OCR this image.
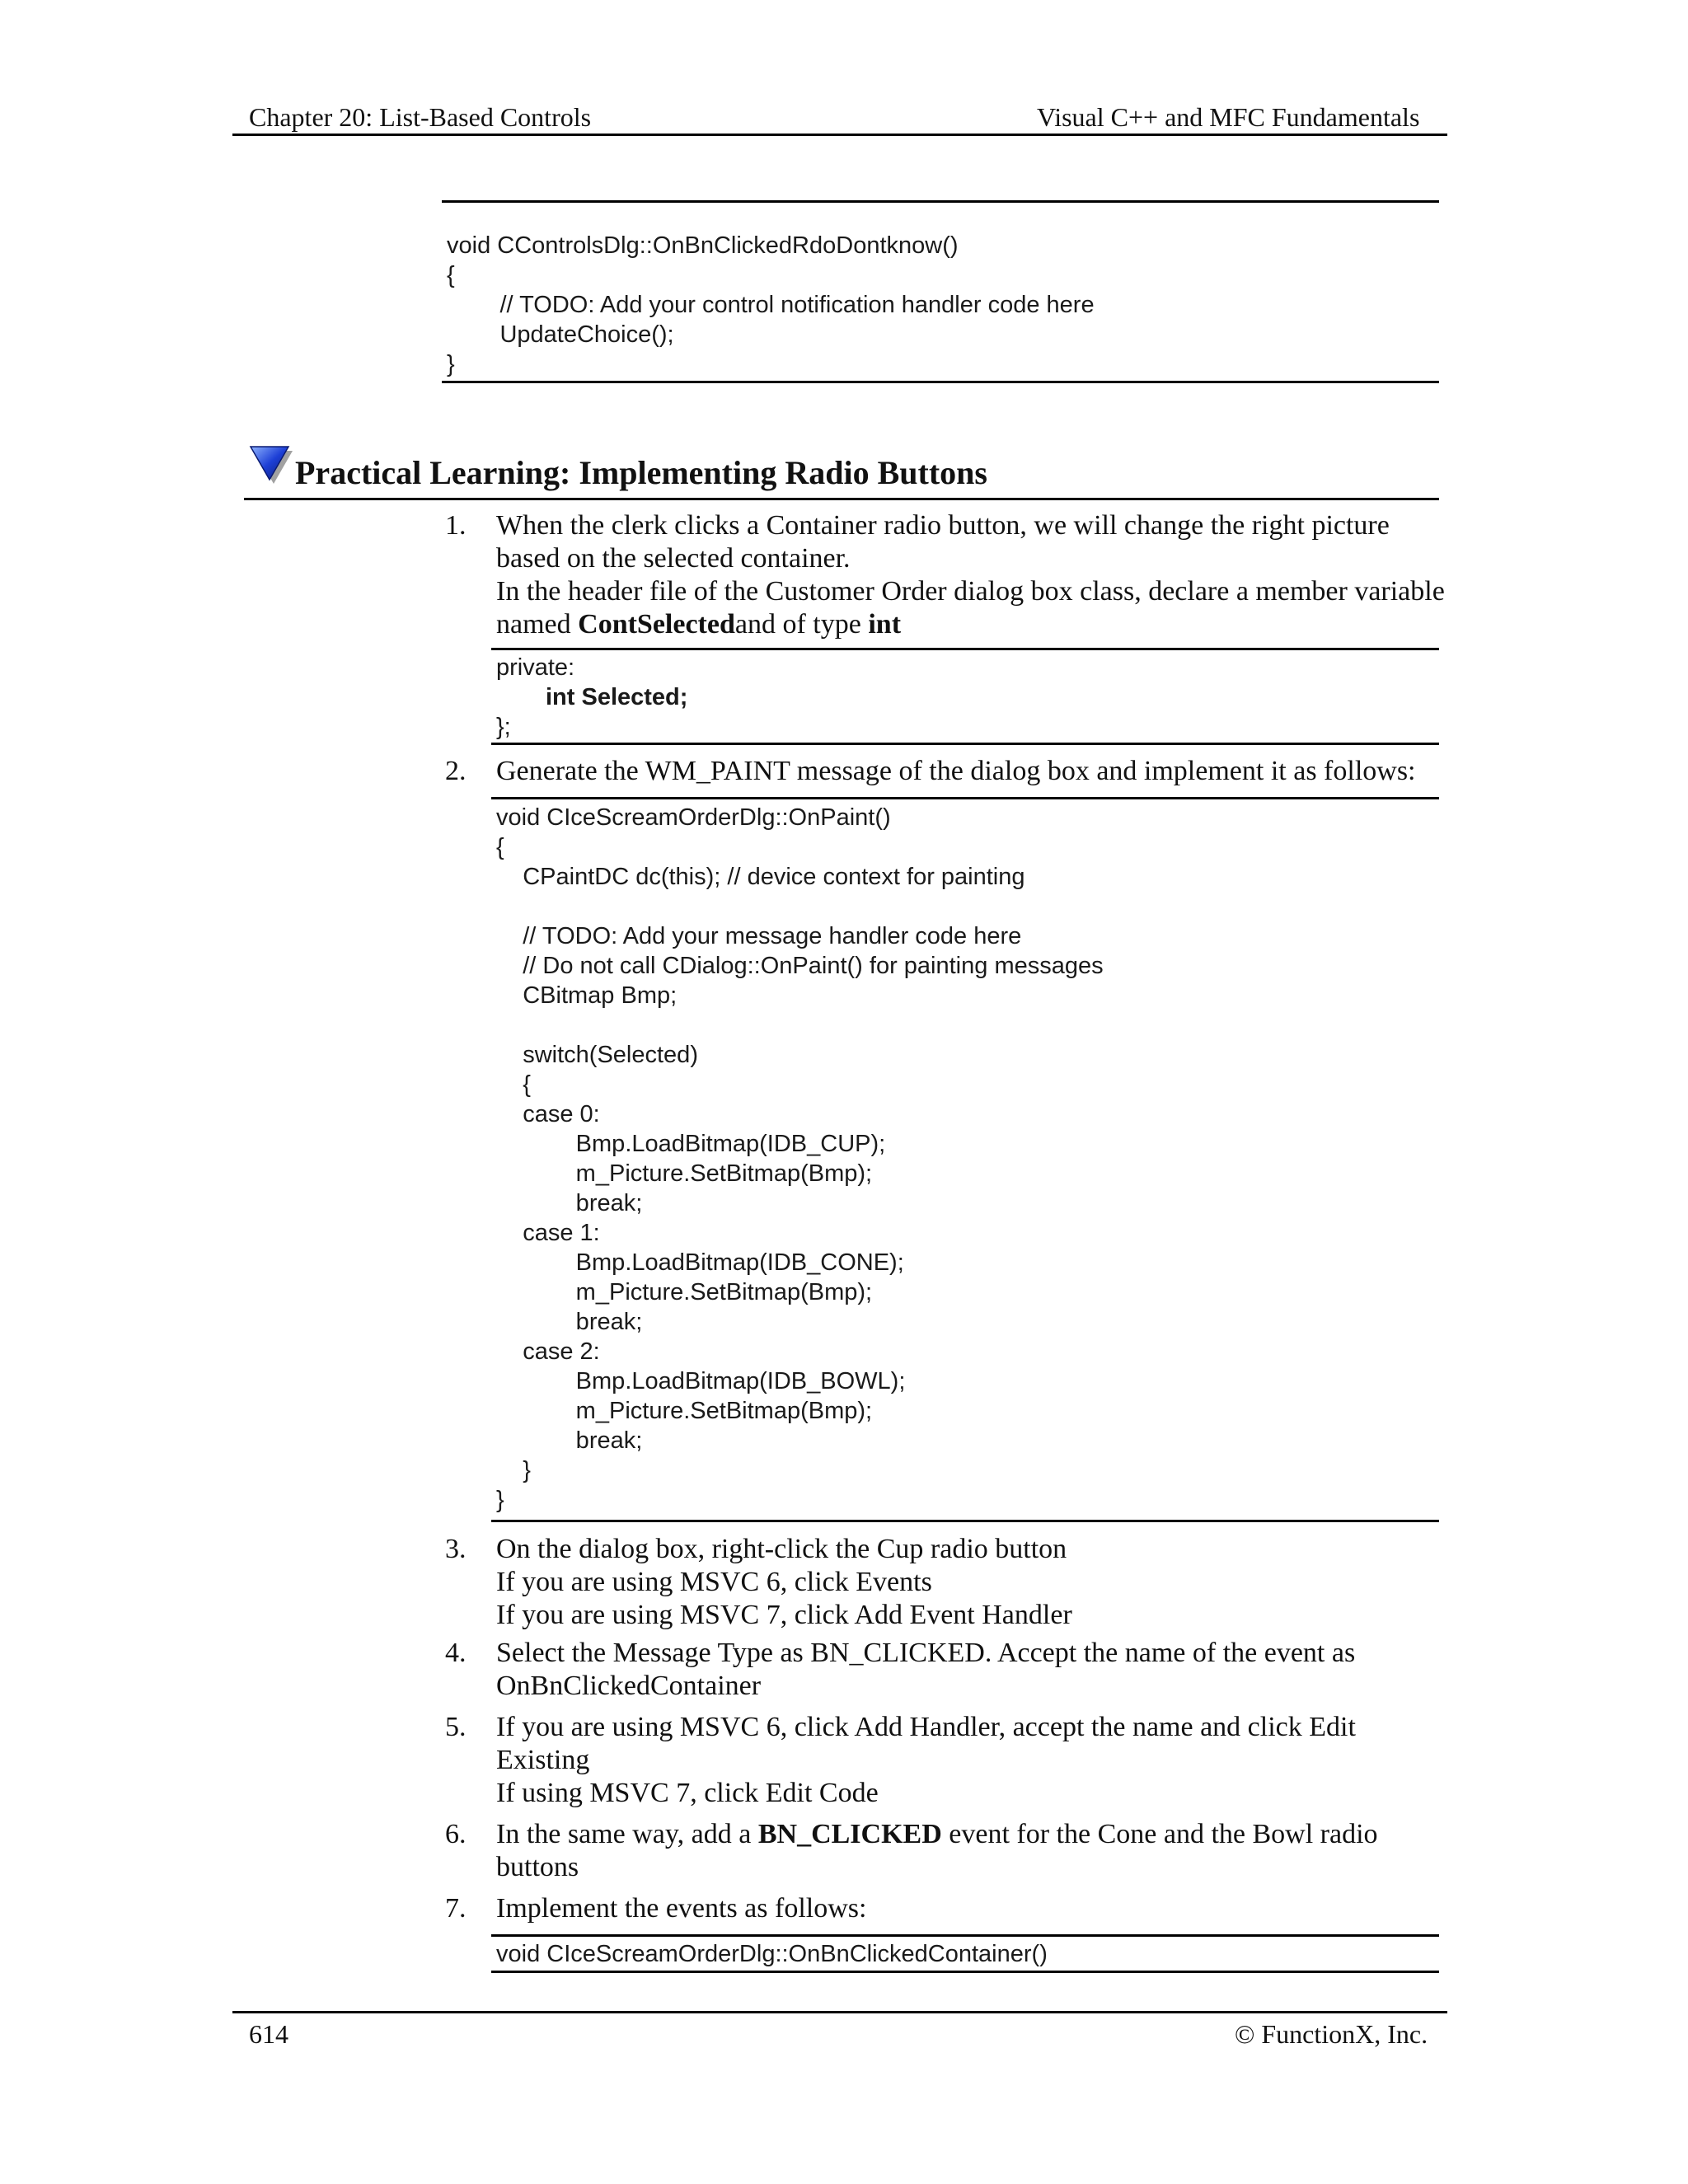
Chapter 20: List-Based Controls	Visual C++ and MFC Fundamentals
void CControlsDlg::OnBnClickedRdoDontknow()
{
// TODO: Add your control notification handler code here
UpdateChoice();
}
Practical Learning: Implementing Radio Buttons
1.	When the clerk clicks a Container radio button, we will change the right picture
based on the selected container.
In the header file of the Customer Order dialog box class, declare a member variable
named ContSelectedand of type int
private:
int Selected;
};
2.	Generate the WM_PAINT message of the dialog box and implement it as follows:
void CIceScreamOrderDlg::OnPaint()
{
CPaintDC dc(this); // device context for painting
// TODO: Add your message handler code here
// Do not call CDialog::OnPaint() for painting messages
CBitmap Bmp;
switch(Selected)
{
case 0:
Bmp.LoadBitmap(IDB_CUP);
m_Picture.SetBitmap(Bmp);
break;
case 1:
Bmp.LoadBitmap(IDB_CONE);
m_Picture.SetBitmap(Bmp);
break;
case 2:
Bmp.LoadBitmap(IDB_BOWL);
m_Picture.SetBitmap(Bmp);
break;
}
}
3.	On the dialog box, right-click the Cup radio button
If you are using MSVC 6, click Events
If you are using MSVC 7, click Add Event Handler
4.	Select the Message Type as BN_CLICKED. Accept the name of the event as
OnBnClickedContainer
5.	If you are using MSVC 6, click Add Handler, accept the name and click Edit
Existing
If using MSVC 7, click Edit Code
6.	In the same way, add a BN_CLICKED event for the Cone and the Bowl radio
buttons
7.	Implement the events as follows:
void CIceScreamOrderDlg::OnBnClickedContainer()
614	© FunctionX, Inc.
